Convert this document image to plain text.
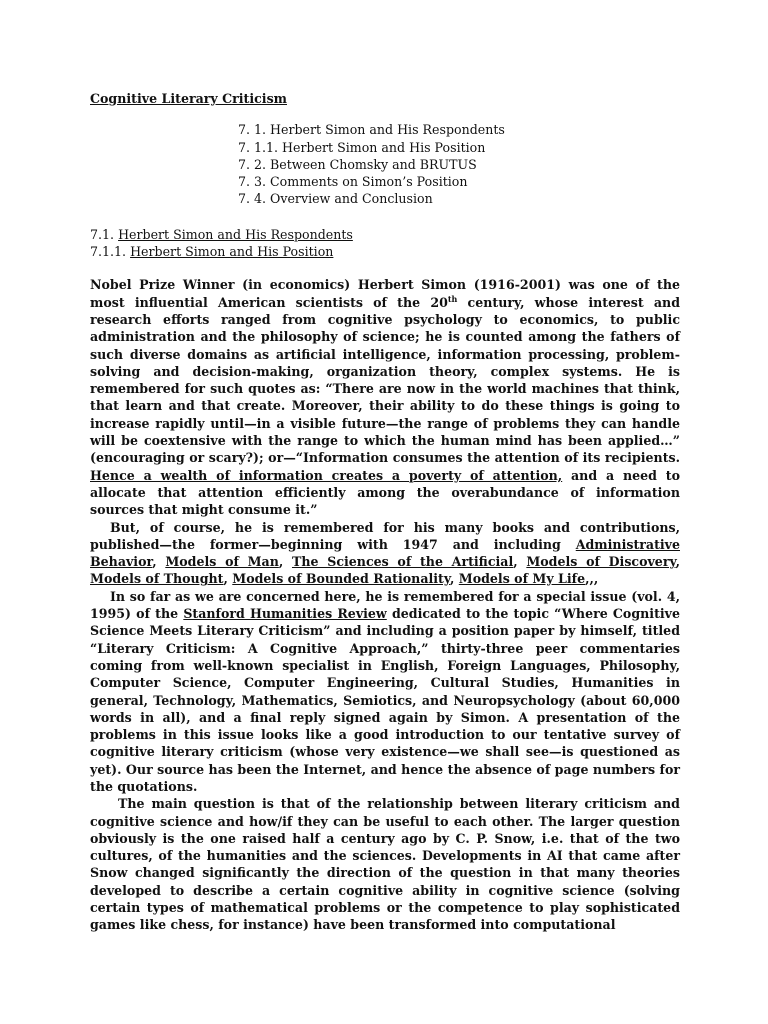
Cognitive Literary Criticism
7. 1. Herbert Simon and His Respondents
7. 1.1. Herbert Simon and His Position
7. 2. Between Chomsky and BRUTUS
7. 3. Comments on Simon’s Position
7. 4. Overview and Conclusion
7.1. Herbert Simon and His Respondents
7.1.1. Herbert Simon and His Position

Nobel Prize Winner (in economics) Herbert Simon (1916-2001) was one of the most influential American scientists of the 20th century, whose interest and research efforts ranged from cognitive psychology to economics, to public administration and the philosophy of science; he is counted among the fathers of such diverse domains as artificial intelligence, information processing, problem-solving and decision-making, organization theory, complex systems. He is remembered for such quotes as: “There are now in the world machines that think, that learn and that create. Moreover, their ability to do these things is going to increase rapidly until—in a visible future—the range of problems they can handle will be coextensive with the range to which the human mind has been applied…” (encouraging or scary?); or—“Information consumes the attention of its recipients. Hence a wealth of information creates a poverty of attention, and a need to allocate that attention efficiently among the overabundance of information sources that might consume it.”

But, of course, he is remembered for his many books and contributions, published—the former—beginning with 1947 and including Administrative Behavior, Models of Man, The Sciences of the Artificial, Models of Discovery, Models of Thought, Models of Bounded Rationality, Models of My Life,,,

In so far as we are concerned here, he is remembered for a special issue (vol. 4, 1995) of the Stanford Humanities Review dedicated to the topic “Where Cognitive Science Meets Literary Criticism” and including a position paper by himself, titled “Literary Criticism: A Cognitive Approach,” thirty-three peer commentaries coming from well-known specialist in English, Foreign Languages, Philosophy, Computer Science, Computer Engineering, Cultural Studies, Humanities in general, Technology, Mathematics, Semiotics, and Neuropsychology (about 60,000 words in all), and a final reply signed again by Simon. A presentation of the problems in this issue looks like a good introduction to our tentative survey of cognitive literary criticism (whose very existence—we shall see—is questioned as yet). Our source has been the Internet, and hence the absence of page numbers for the quotations.

The main question is that of the relationship between literary criticism and cognitive science and how/if they can be useful to each other. The larger question obviously is the one raised half a century ago by C. P. Snow, i.e. that of the two cultures, of the humanities and the sciences. Developments in AI that came after Snow changed significantly the direction of the question in that many theories developed to describe a certain cognitive ability in cognitive science (solving certain types of mathematical problems or the competence to play sophisticated games like chess, for instance) have been transformed into computational
